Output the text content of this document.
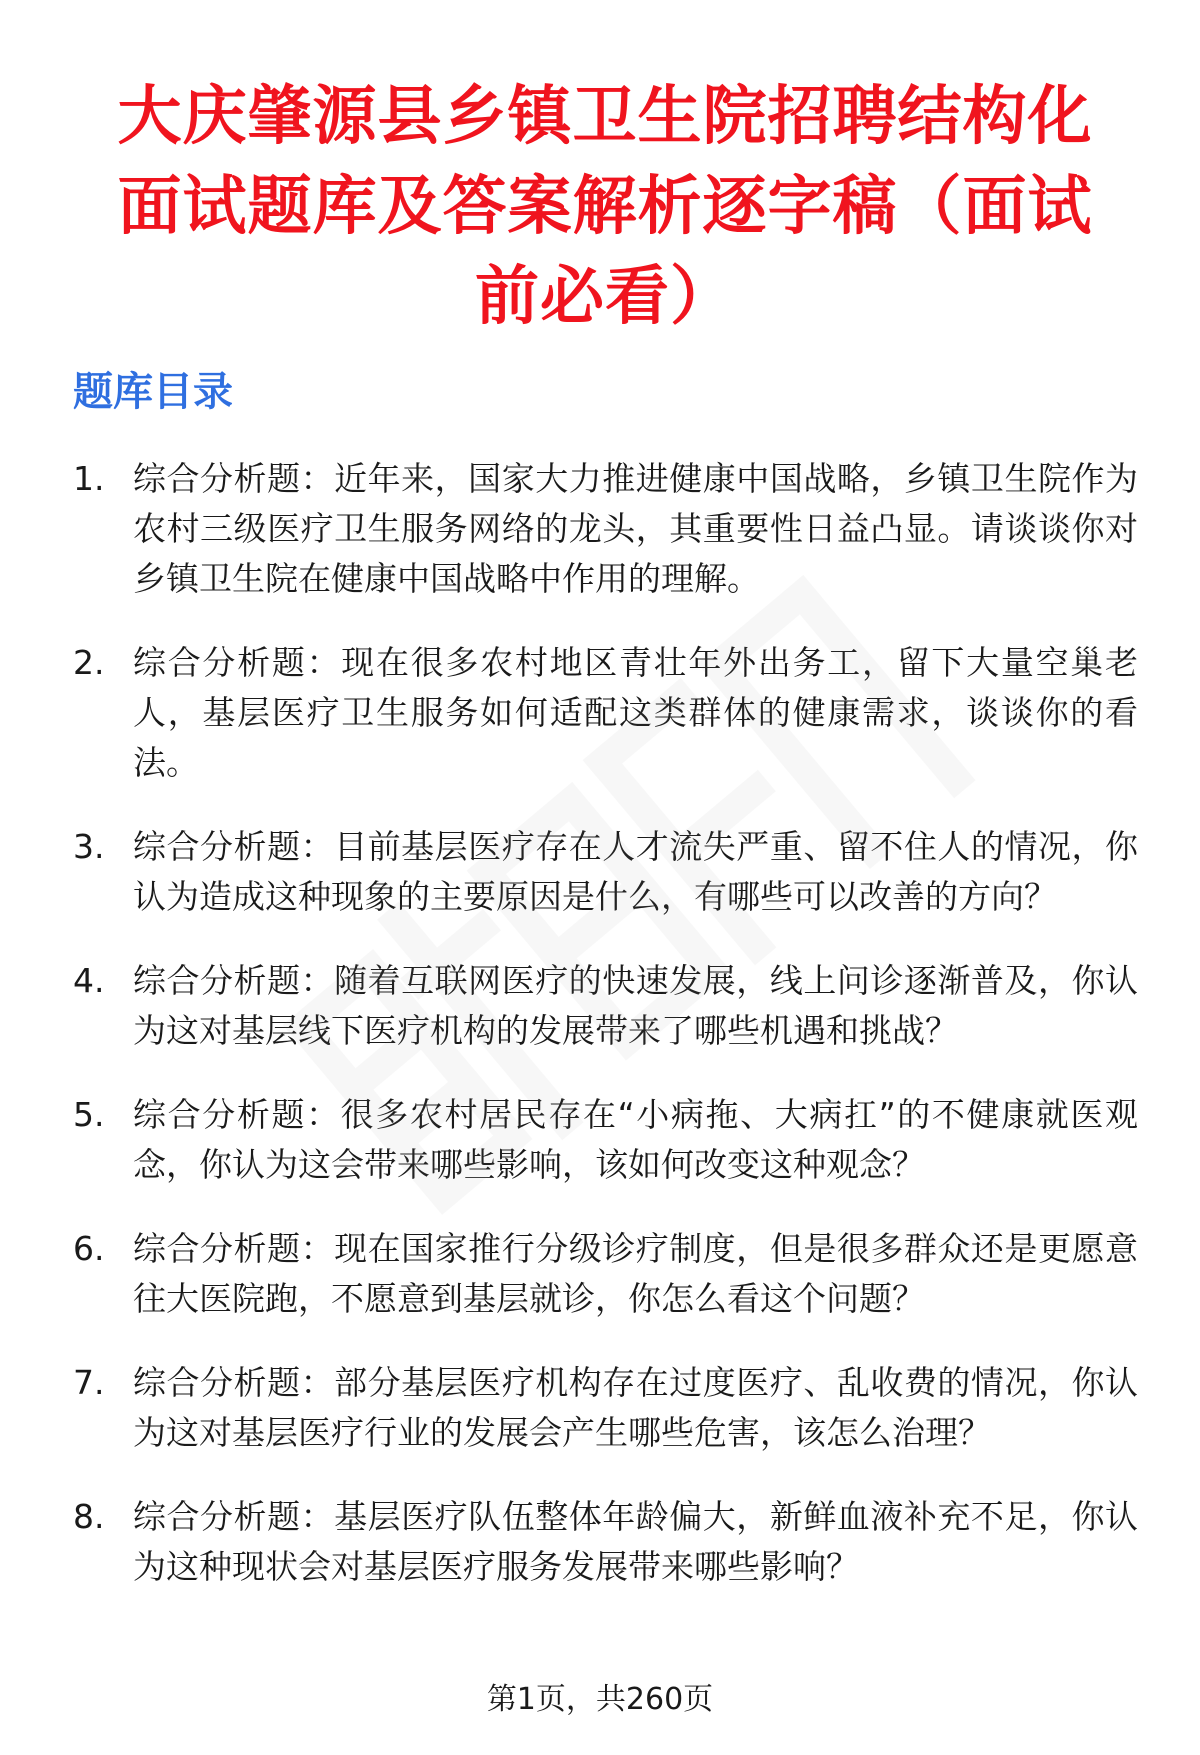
大庆肇源县乡镇卫生院招聘结构化面试题库及答案解析逐字稿（面试前必看）
题库目录
1. 综合分析题：近年来，国家大力推进健康中国战略，乡镇卫生院作为农村三级医疗卫生服务网络的龙头，其重要性日益凸显。请谈谈你对乡镇卫生院在健康中国战略中作用的理解。
2. 综合分析题：现在很多农村地区青壮年外出务工，留下大量空巢老人，基层医疗卫生服务如何适配这类群体的健康需求，谈谈你的看法。
3. 综合分析题：目前基层医疗存在人才流失严重、留不住人的情况，你认为造成这种现象的主要原因是什么，有哪些可以改善的方向？
4. 综合分析题：随着互联网医疗的快速发展，线上问诊逐渐普及，你认为这对基层线下医疗机构的发展带来了哪些机遇和挑战？
5. 综合分析题：很多农村居民存在“小病拖、大病扛”的不健康就医观念，你认为这会带来哪些影响，该如何改变这种观念？
6. 综合分析题：现在国家推行分级诊疗制度，但是很多群众还是更愿意往大医院跑，不愿意到基层就诊，你怎么看这个问题？
7. 综合分析题：部分基层医疗机构存在过度医疗、乱收费的情况，你认为这对基层医疗行业的发展会产生哪些危害，该怎么治理？
8. 综合分析题：基层医疗队伍整体年龄偏大，新鲜血液补充不足，你认为这种现状会对基层医疗服务发展带来哪些影响？
第1页，共260页
